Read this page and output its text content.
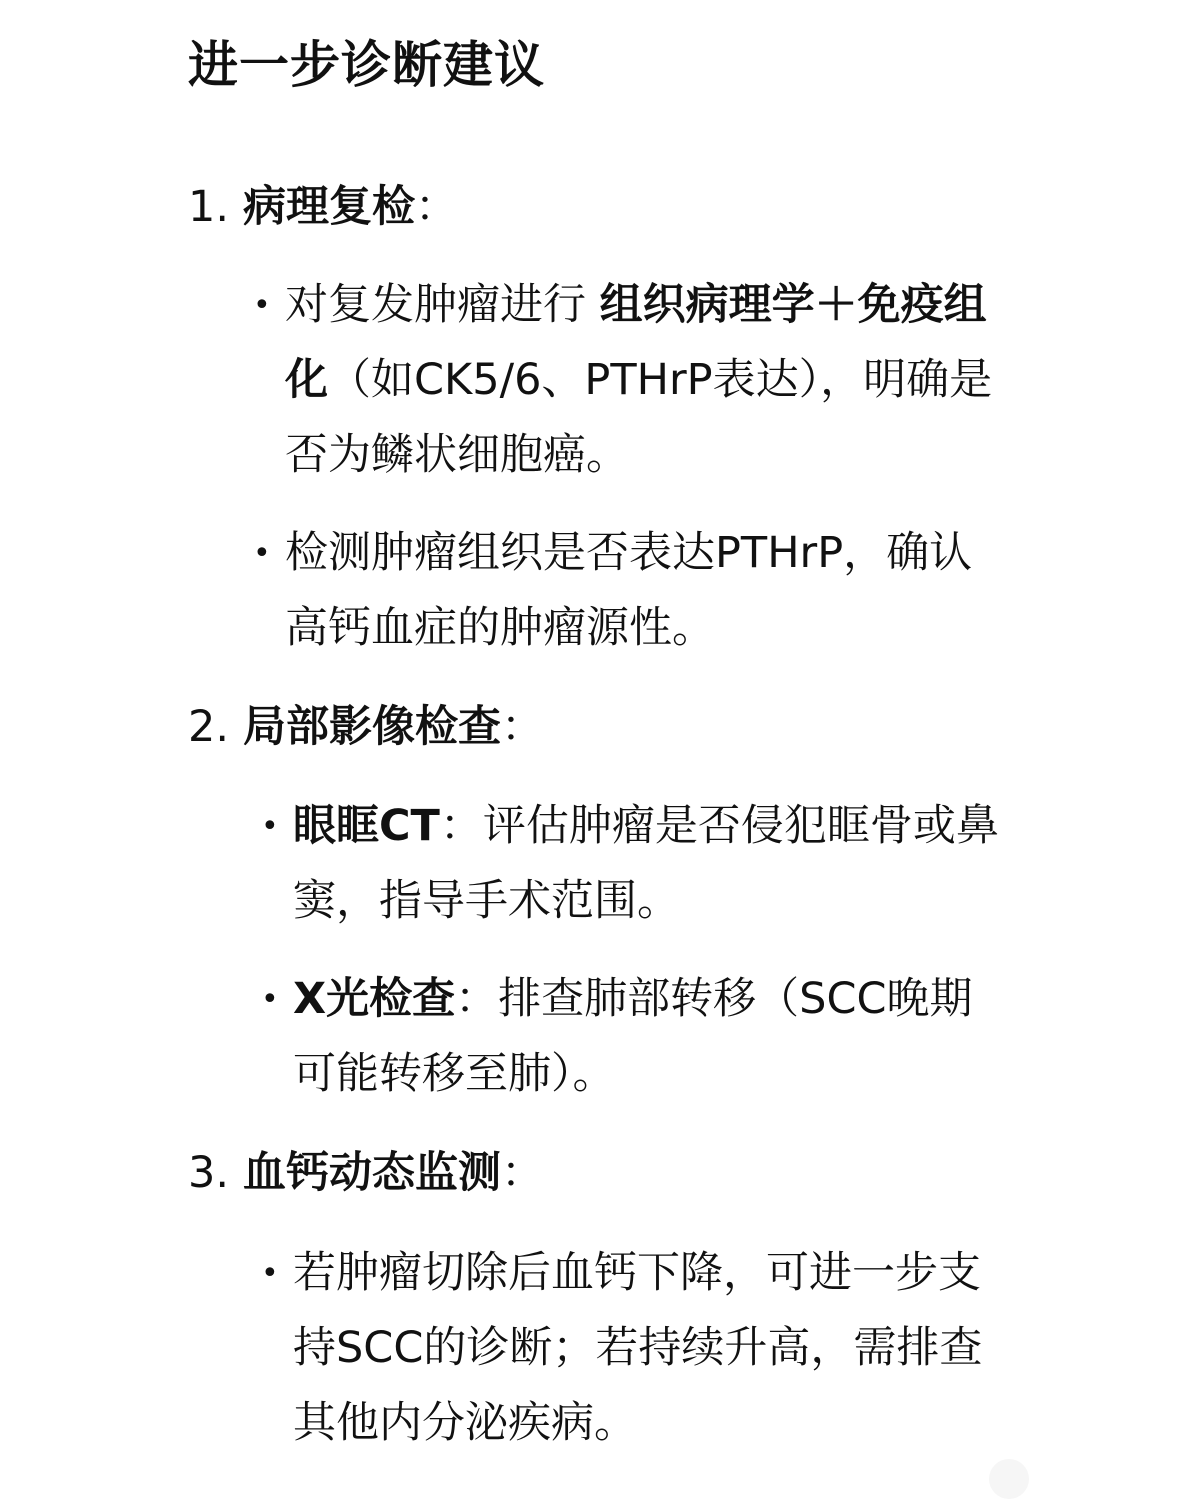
进一步诊断建议
1. 病理复检：
• 对复发肿瘤进行 组织病理学＋免疫组
化（如CK5/6、PTHrP表达），明确是
否为鳞状细胞癌。
• 检测肿瘤组织是否表达PTHrP，确认
高钙血症的肿瘤源性。
2. 局部影像检查：
• 眼眶CT：评估肿瘤是否侵犯眶骨或鼻
窦，指导手术范围。
• X光检查：排查肺部转移（SCC晚期
可能转移至肺）。
3. 血钙动态监测：
• 若肿瘤切除后血钙下降，可进一步支
持SCC的诊断；若持续升高，需排查
其他内分泌疾病。
